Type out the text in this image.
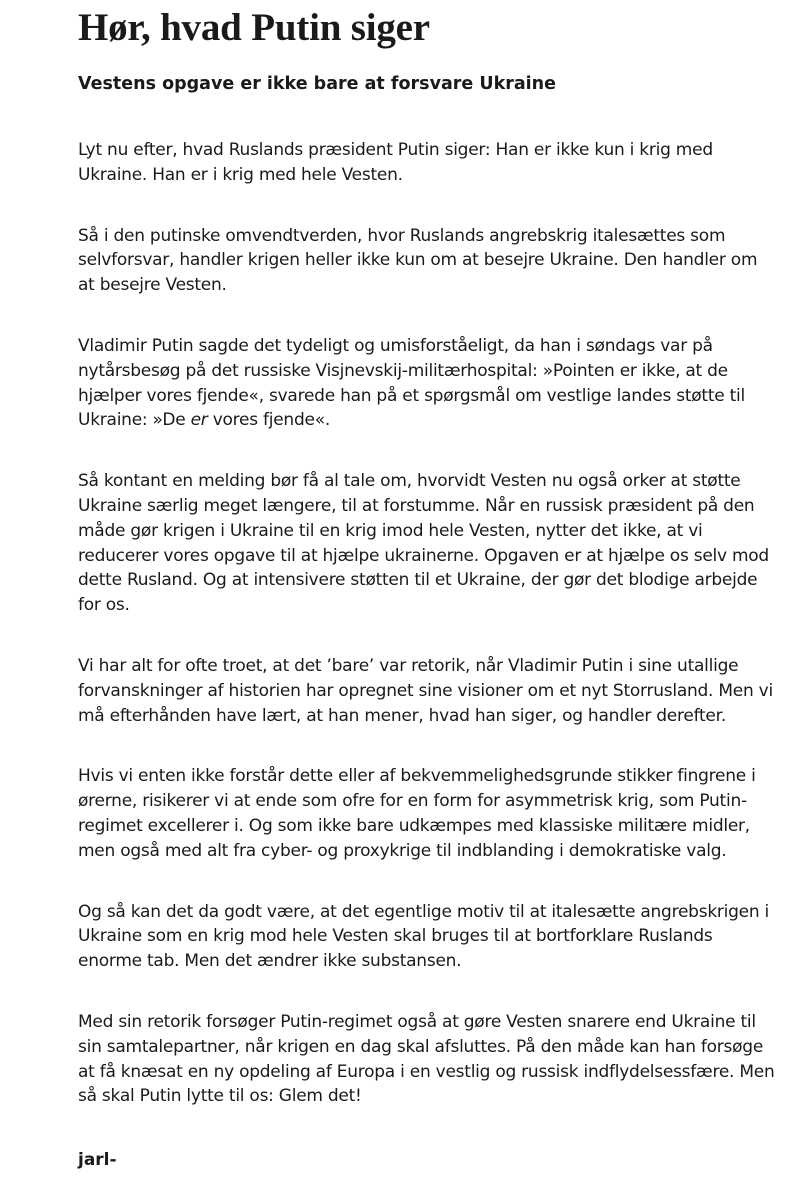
Hør, hvad Putin siger
Vestens opgave er ikke bare at forsvare Ukraine

Lyt nu efter, hvad Ruslands præsident Putin siger: Han er ikke kun i krig med Ukraine. Han er i krig med hele Vesten.

Så i den putinske omvendtverden, hvor Ruslands angrebskrig italesættes som selvforsvar, handler krigen heller ikke kun om at besejre Ukraine. Den handler om at besejre Vesten.

Vladimir Putin sagde det tydeligt og umisforståeligt, da han i søndags var på nytårsbesøg på det russiske Visjnevskij-militærhospital: »Pointen er ikke, at de hjælper vores fjende«, svarede han på et spørgsmål om vestlige landes støtte til Ukraine: »De er vores fjende«.

Så kontant en melding bør få al tale om, hvorvidt Vesten nu også orker at støtte Ukraine særlig meget længere, til at forstumme. Når en russisk præsident på den måde gør krigen i Ukraine til en krig imod hele Vesten, nytter det ikke, at vi reducerer vores opgave til at hjælpe ukrainerne. Opgaven er at hjælpe os selv mod dette Rusland. Og at intensivere støtten til et Ukraine, der gør det blodige arbejde for os.

Vi har alt for ofte troet, at det ’bare’ var retorik, når Vladimir Putin i sine utallige forvanskninger af historien har opregnet sine visioner om et nyt Storrusland. Men vi må efterhånden have lært, at han mener, hvad han siger, og handler derefter.

Hvis vi enten ikke forstår dette eller af bekvemmelighedsgrunde stikker fingrene i ørerne, risikerer vi at ende som ofre for en form for asymmetrisk krig, som Putin-regimet excellerer i. Og som ikke bare udkæmpes med klassiske militære midler, men også med alt fra cyber- og proxykrige til indblanding i demokratiske valg.

Og så kan det da godt være, at det egentlige motiv til at italesætte angrebskrigen i Ukraine som en krig mod hele Vesten skal bruges til at bortforklare Ruslands enorme tab. Men det ændrer ikke substansen.

Med sin retorik forsøger Putin-regimet også at gøre Vesten snarere end Ukraine til sin samtalepartner, når krigen en dag skal afsluttes. På den måde kan han forsøge at få knæsat en ny opdeling af Europa i en vestlig og russisk indflydelsessfære. Men så skal Putin lytte til os: Glem det!

jarl-
